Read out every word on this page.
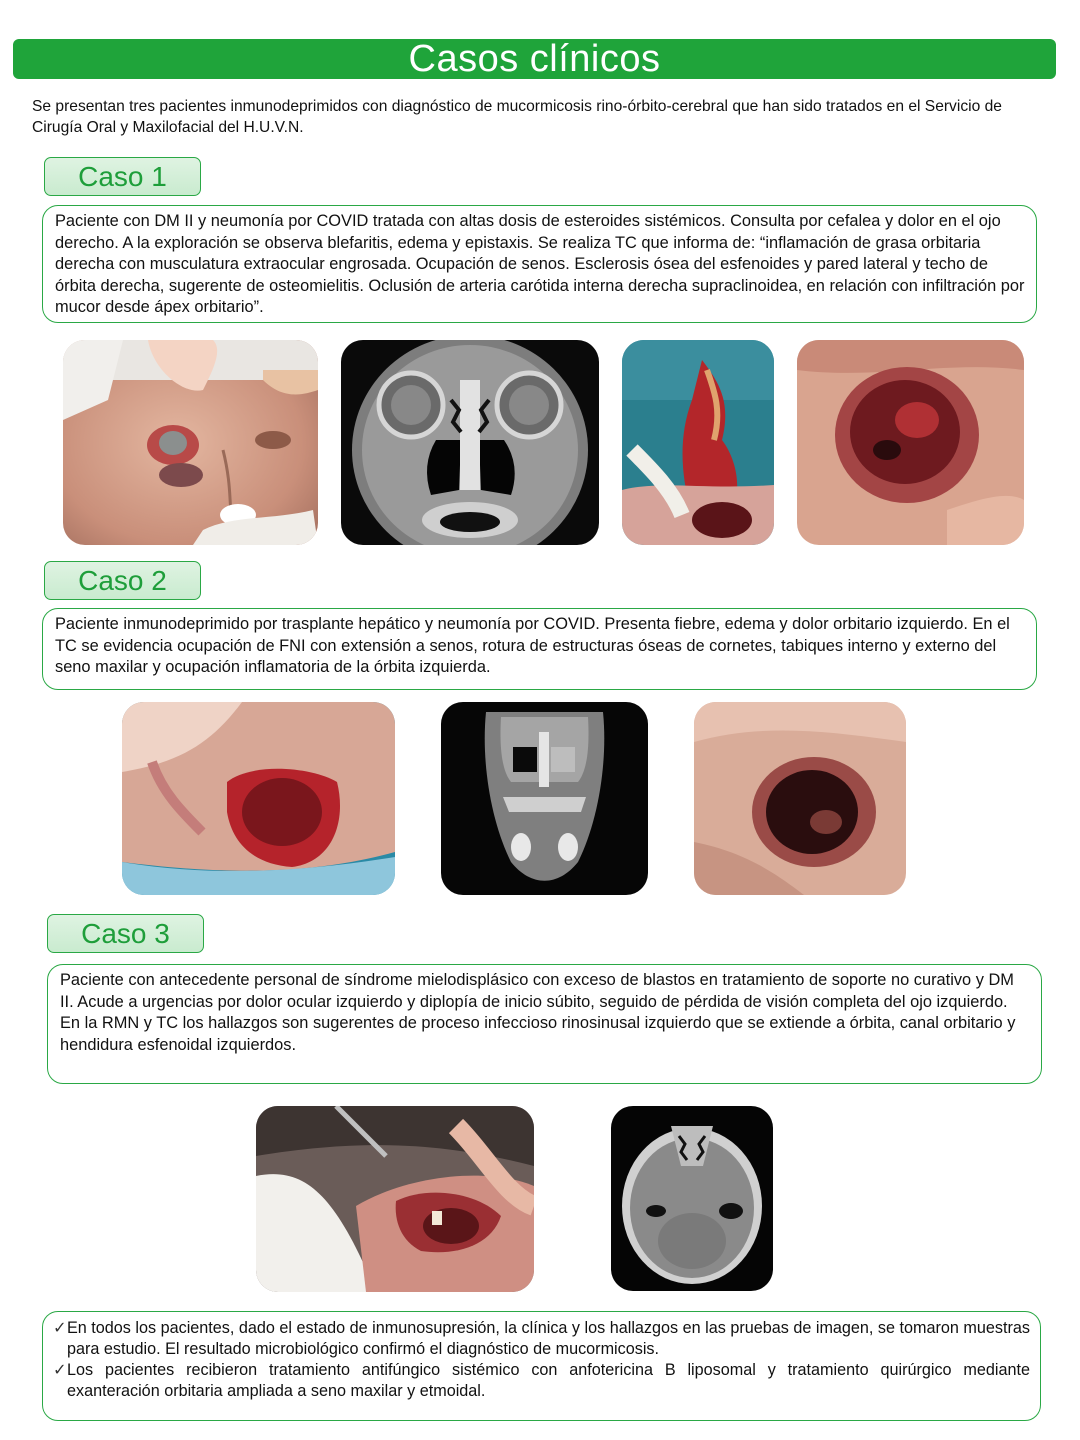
Casos clínicos

Se presentan tres pacientes inmunodeprimidos con diagnóstico de mucormicosis rino-órbito-cerebral que han sido tratados en el Servicio de Cirugía Oral y Maxilofacial del H.U.V.N.

Caso 1
Paciente con DM II y neumonía por COVID tratada con altas dosis de esteroides sistémicos. Consulta por cefalea y dolor en el ojo derecho. A la exploración se observa blefaritis, edema y epistaxis. Se realiza TC que informa de: “inflamación de grasa orbitaria derecha con musculatura extraocular engrosada. Ocupación de senos. Esclerosis ósea del esfenoides y pared lateral y techo de órbita derecha, sugerente de osteomielitis. Oclusión de arteria carótida interna derecha supraclinoidea, en relación con infiltración por mucor desde ápex orbitario”.
Caso 2
Paciente inmunodeprimido por trasplante hepático y neumonía por COVID. Presenta fiebre, edema y dolor orbitario izquierdo. En el TC se evidencia ocupación de FNI con extensión a senos, rotura de estructuras óseas de cornetes, tabiques interno y externo del seno maxilar y ocupación inflamatoria de la órbita izquierda.
Caso 3
Paciente con antecedente personal de síndrome mielodisplásico con exceso de blastos en tratamiento de soporte no curativo y DM II. Acude a urgencias por dolor ocular izquierdo y diplopía de inicio súbito, seguido de pérdida de visión completa del ojo izquierdo. En la RMN y TC los hallazgos son sugerentes de proceso infeccioso rinosinusal izquierdo que se extiende a órbita, canal orbitario y hendidura esfenoidal izquierdos.
✓ En todos los pacientes, dado el estado de inmunosupresión, la clínica y los hallazgos en las pruebas de imagen, se tomaron muestras para estudio. El resultado microbiológico confirmó el diagnóstico de mucormicosis.
✓ Los pacientes recibieron tratamiento antifúngico sistémico con anfotericina B liposomal y tratamiento quirúrgico mediante exanteración orbitaria ampliada a seno maxilar y etmoidal.
